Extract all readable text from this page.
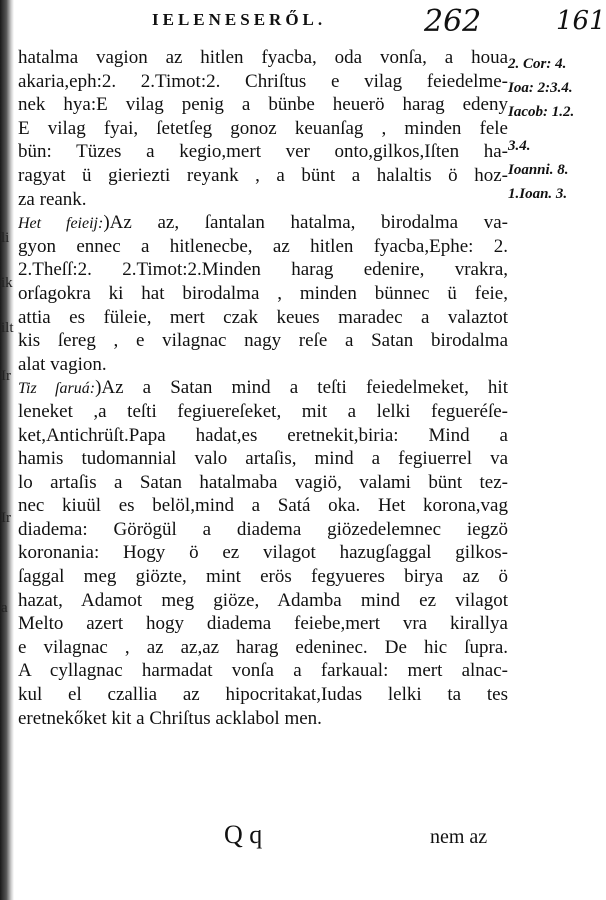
li
ik
ilt
Ir
Ir
a
IELENESERŐL.	262	161
hatalma vagion az hitlen fyacba, oda vonſa, a houa
akaria,eph:2. 2.Timot:2. Chriſtus e vilag feiedelme-
nek hya:E vilag penig a bünbe heuerö harag edeny
E vilag fyai, ſetetſeg gonoz keuanſag , minden fele
bün: Tüzes a kegio,mert ver onto,gilkos,Iſten ha-
ragyat ü gieriezti reyank , a bünt a halaltis ö hoz-
za reank.
Het feieij:)Az az, ſantalan hatalma, birodalma va-
gyon ennec a hitlenecbe, az hitlen fyacba,Ephe: 2.
2.Theſſ:2. 2.Timot:2.Minden harag edenire, vrakra,
orſagokra ki hat birodalma , minden bünnec ü feie,
attia es füleie, mert czak keues maradec a valaztot
kis ſereg , e vilagnac nagy reſe a Satan birodalma
alat vagion.
Tiz ſaruá:)Az a Satan mind a teſti feiedelmeket, hit
leneket ,a teſti fegiuereſeket, mit a lelki fegueréſe-
ket,Antichrüſt.Papa hadat,es eretnekit,biria: Mind a
hamis tudomannial valo artaſis, mind a fegiuerrel va
lo artaſis a Satan hatalmaba vagiö, valami bünt tez-
nec kiuül es belöl,mind a Satá oka. Het korona,vag
diadema: Görögül a diadema giözedelemnec iegzö
koronania: Hogy ö ez vilagot hazugſaggal gilkos-
ſaggal meg giözte, mint erös fegyueres birya az ö
hazat, Adamot meg giöze, Adamba mind ez vilagot
Melto azert hogy diadema feiebe,mert vra kirallya
e vilagnac , az az,az harag edeninec. De hic ſupra.
A cyllagnac harmadat vonſa a farkaual: mert alnac-
kul el czallia az hipocritakat,Iudas lelki ta tes
eretnekőket kit a Chriſtus acklabol men.
2. Cor: 4.
Ioa: 2:3.4.
Iacob: 1.2.
3.4.
Ioanni. 8.
1.Ioan. 3.
Q q	nem az
